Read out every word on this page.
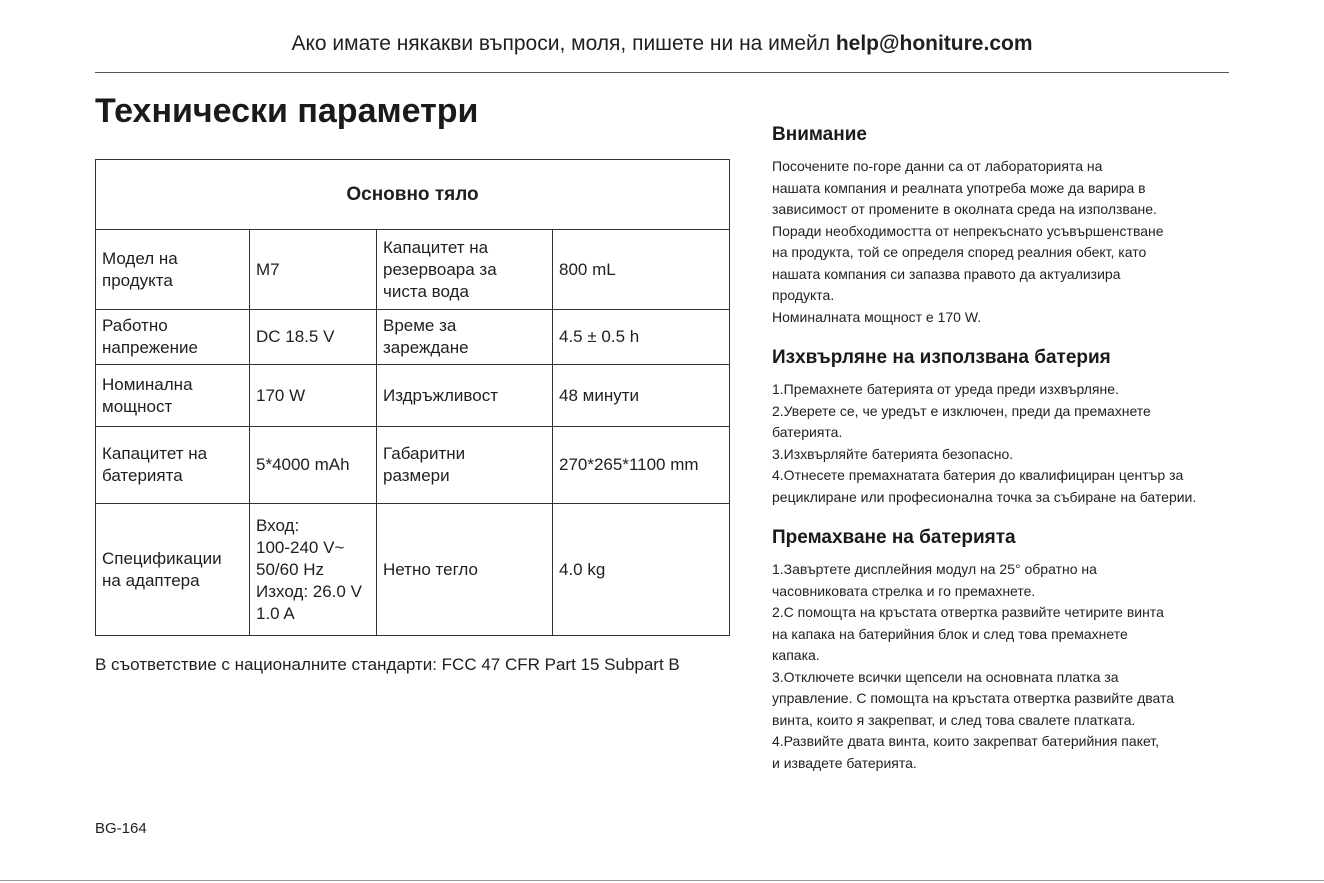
Ако имате някакви въпроси, моля, пишете ни на имейл help@honiture.com
Технически параметри
Основно тяло			

Модел на
продукта	M7	Капацитет на
резервоара за
чиста вода	800 mL

Работно
напрежение	DC 18.5 V	Време за
зареждане	4.5 ± 0.5 h

Номинална
мощност	170 W	Издръжливост	48 минути

Капацитет на
батерията	5*4000 mAh	Габаритни
размери	270*265*1100 mm

Спецификации
на адаптера	Вход:
100-240 V~
50/60 Hz
Изход: 26.0 V
1.0 A	Нетно тегло	4.0 kg
В съответствие с националните стандарти: FCC 47 CFR Part 15 Subpart B
BG-164
Внимание
Посочените по-горе данни са от лабораторията на
нашата компания и реалната употреба може да варира в
зависимост от промените в околната среда на използване.
Поради необходимостта от непрекъснато усъвършенстване
на продукта, той се определя според реалния обект, като
нашата компания си запазва правото да актуализира
продукта.
Номиналната мощност е 170 W.
Изхвърляне на използвана батерия
1.Премахнете батерията от уреда преди изхвърляне.
2.Уверете се, че уредът е изключен, преди да премахнете
батерията.
3.Изхвърляйте батерията безопасно.
4.Отнесете премахнатата батерия до квалифициран център за
рециклиране или професионална точка за събиране на батерии.
Премахване на батерията
1.Завъртете дисплейния модул на 25° обратно на
часовниковата стрелка и го премахнете.
2.С помощта на кръстата отвертка развийте четирите винта
на капака на батерийния блок и след това премахнете
капака.
3.Отключете всички щепсели на основната платка за
управление. С помощта на кръстата отвертка развийте двата
винта, които я закрепват, и след това свалете платката.
4.Развийте двата винта, които закрепват батерийния пакет,
и извадете батерията.
